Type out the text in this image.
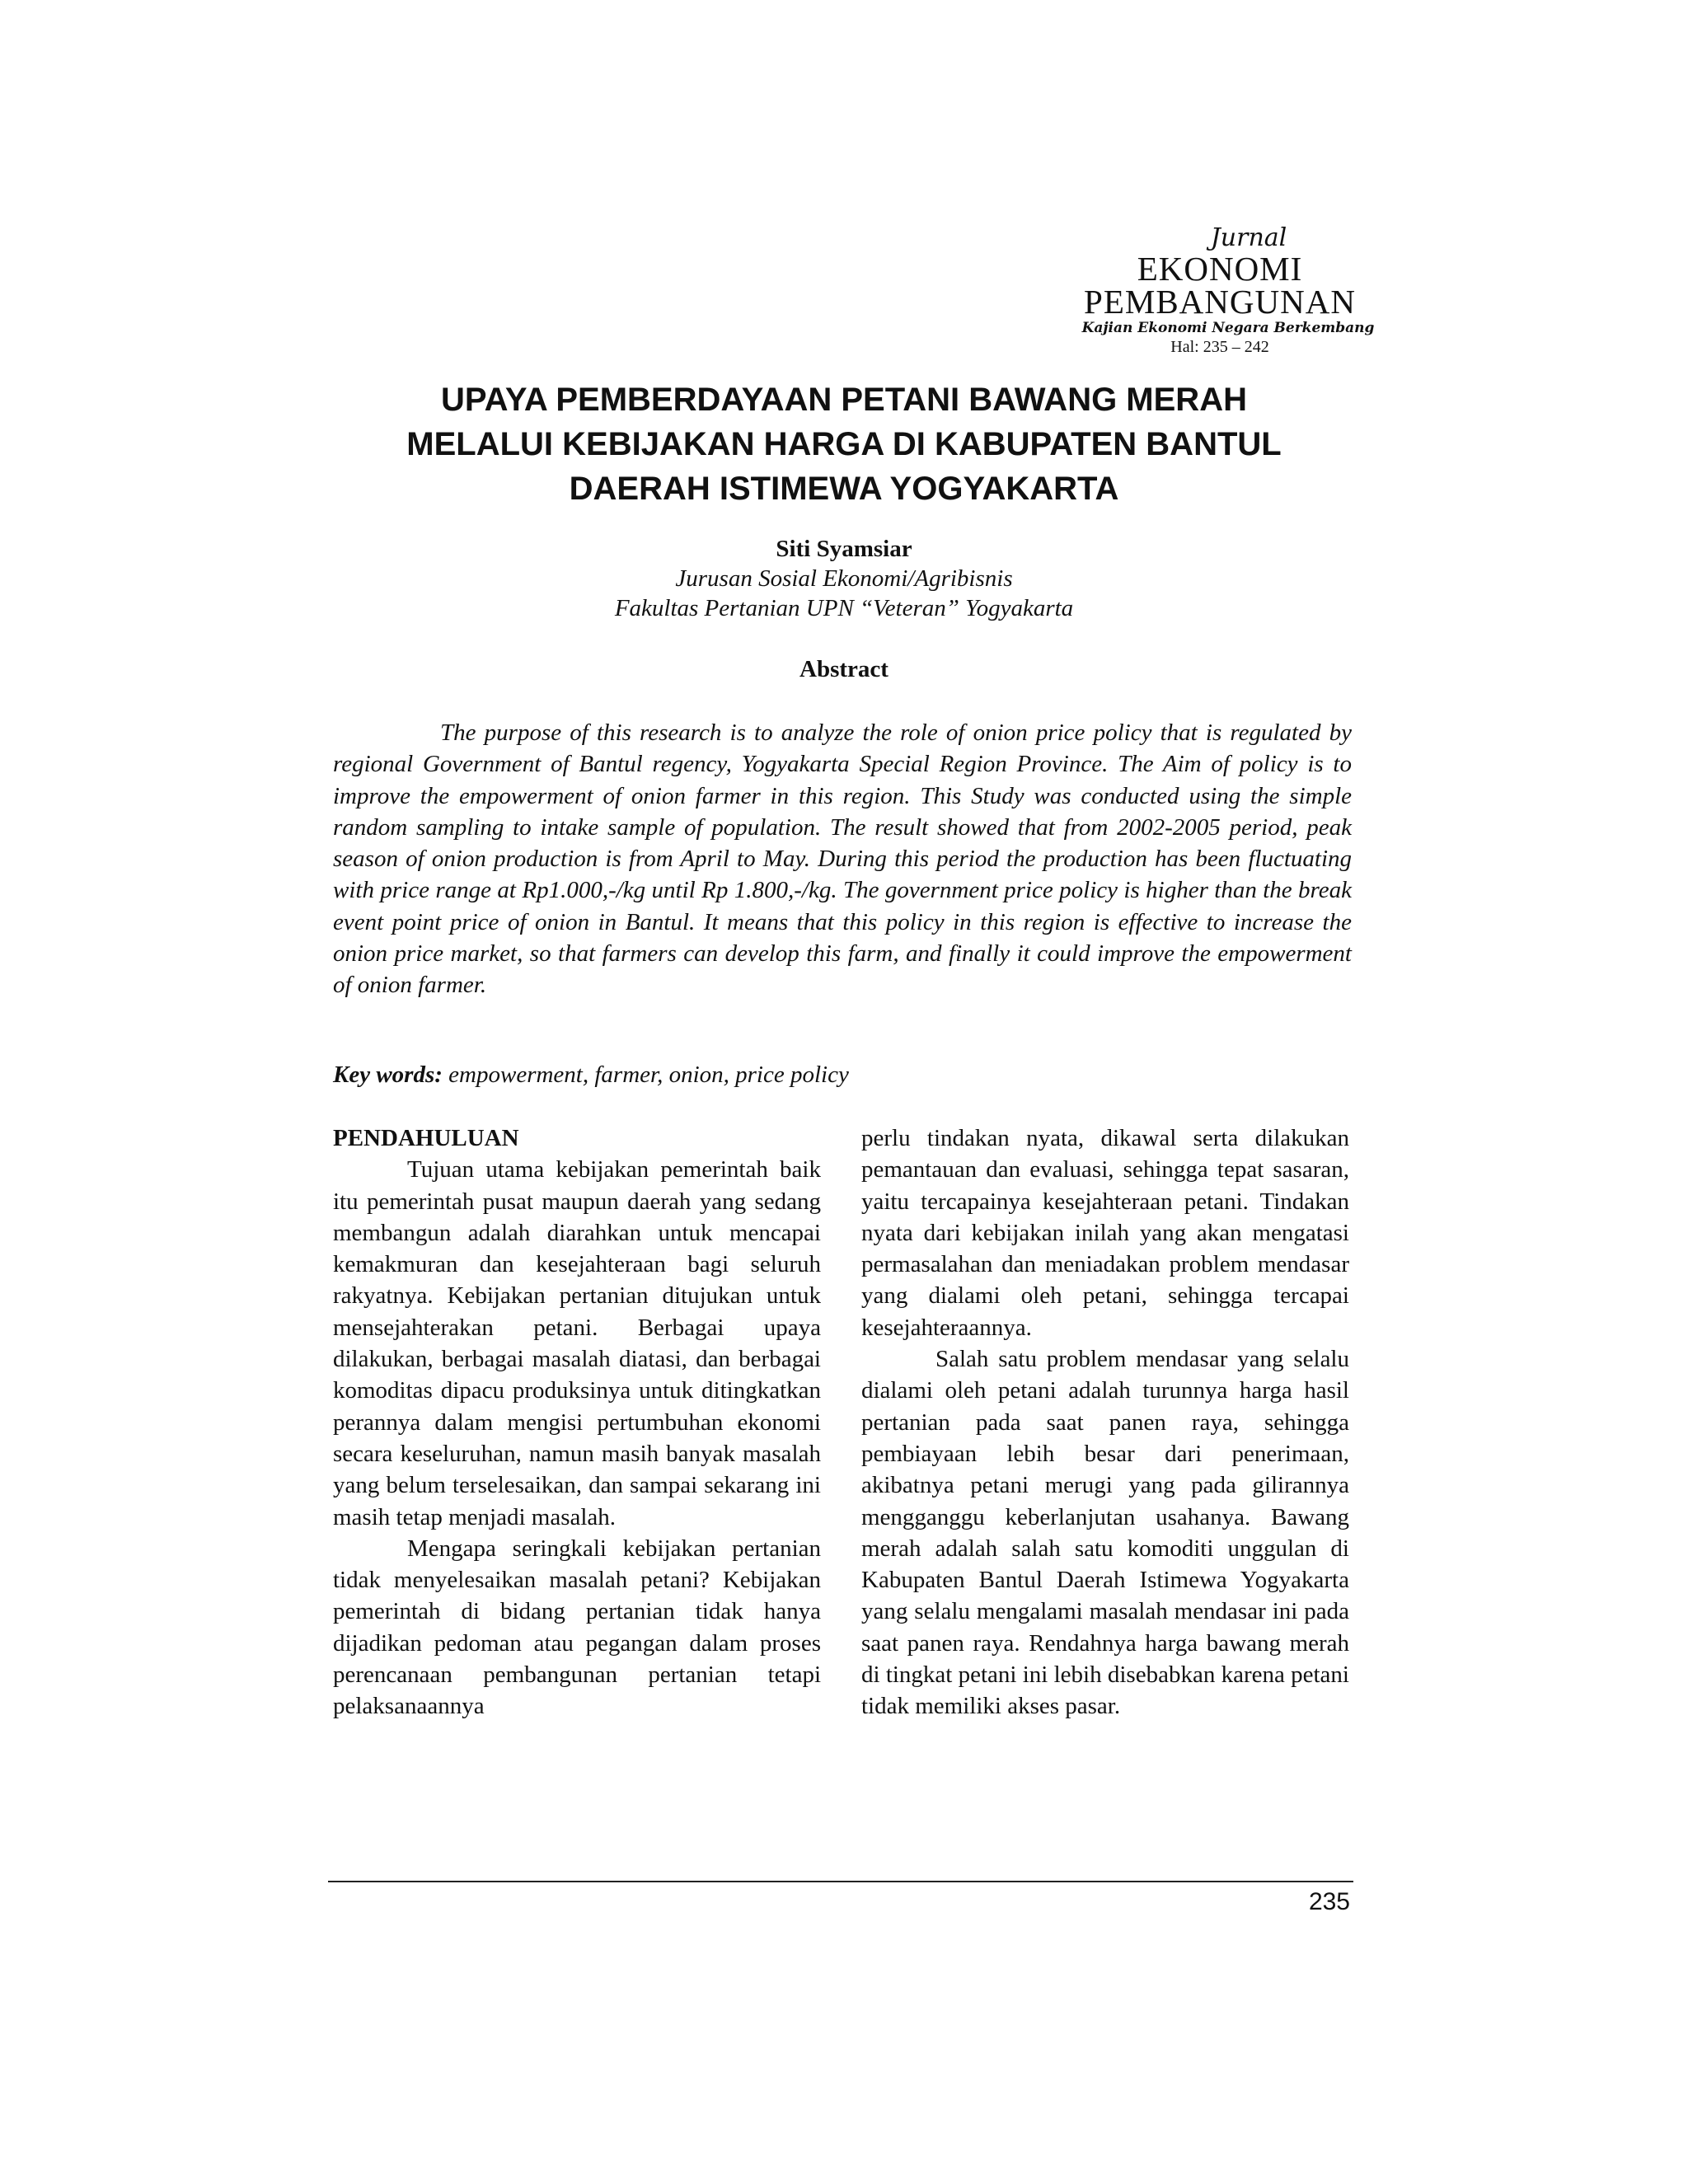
Jurnal
EKONOMI
PEMBANGUNAN
Kajian Ekonomi Negara Berkembang
Hal: 235 – 242
UPAYA PEMBERDAYAAN PETANI BAWANG MERAH
MELALUI KEBIJAKAN HARGA DI KABUPATEN BANTUL
DAERAH ISTIMEWA YOGYAKARTA

Siti Syamsiar

Jurusan Sosial Ekonomi/Agribisnis

Fakultas Pertanian UPN “Veteran” Yogyakarta

Abstract

The purpose of this research is to analyze the role of onion price policy that is regulated by regional Government of Bantul regency, Yogyakarta Special Region Province. The Aim of policy is to improve the empowerment of onion farmer in this region. This Study was conducted using the simple random sampling to intake sample of population. The result showed that from 2002-2005 period, peak season of onion production is from April to May. During this period the production has been fluctuating with price range at Rp1.000,-/kg until Rp 1.800,-/kg. The government price policy is higher than the break event point price of onion in Bantul. It means that this policy in this region is effective to increase the onion price market, so that farmers can develop this farm, and finally it could improve the empowerment of onion farmer.

Key words: empowerment, farmer, onion, price policy

PENDAHULUAN

Tujuan utama kebijakan pemerintah baik itu pemerintah pusat maupun daerah yang sedang membangun adalah diarahkan untuk mencapai kemakmuran dan kesejahteraan bagi seluruh rakyatnya. Kebijakan pertanian ditujukan untuk mensejahterakan petani. Berbagai upaya dilakukan, berbagai masalah diatasi, dan berbagai komoditas dipacu produksinya untuk ditingkatkan perannya dalam mengisi pertumbuhan ekonomi secara keseluruhan, namun masih banyak masalah yang belum terselesaikan, dan sampai sekarang ini masih tetap menjadi masalah.

Mengapa seringkali kebijakan pertanian tidak menyelesaikan masalah petani? Kebijakan pemerintah di bidang pertanian tidak hanya dijadikan pedoman atau pegangan dalam proses perencanaan pembangunan pertanian tetapi pelaksanaannya

perlu tindakan nyata, dikawal serta dilakukan pemantauan dan evaluasi, sehingga tepat sasaran, yaitu tercapainya kesejahteraan petani. Tindakan nyata dari kebijakan inilah yang akan mengatasi permasalahan dan meniadakan problem mendasar yang dialami oleh petani, sehingga tercapai kesejahteraannya.

Salah satu problem mendasar yang selalu dialami oleh petani adalah turunnya harga hasil pertanian pada saat panen raya, sehingga pembiayaan lebih besar dari penerimaan, akibatnya petani merugi yang pada gilirannya mengganggu keberlanjutan usahanya. Bawang merah adalah salah satu komoditi unggulan di Kabupaten Bantul Daerah Istimewa Yogyakarta yang selalu mengalami masalah mendasar ini pada saat panen raya. Rendahnya harga bawang merah di tingkat petani ini lebih disebabkan karena petani tidak memiliki akses pasar.

235
